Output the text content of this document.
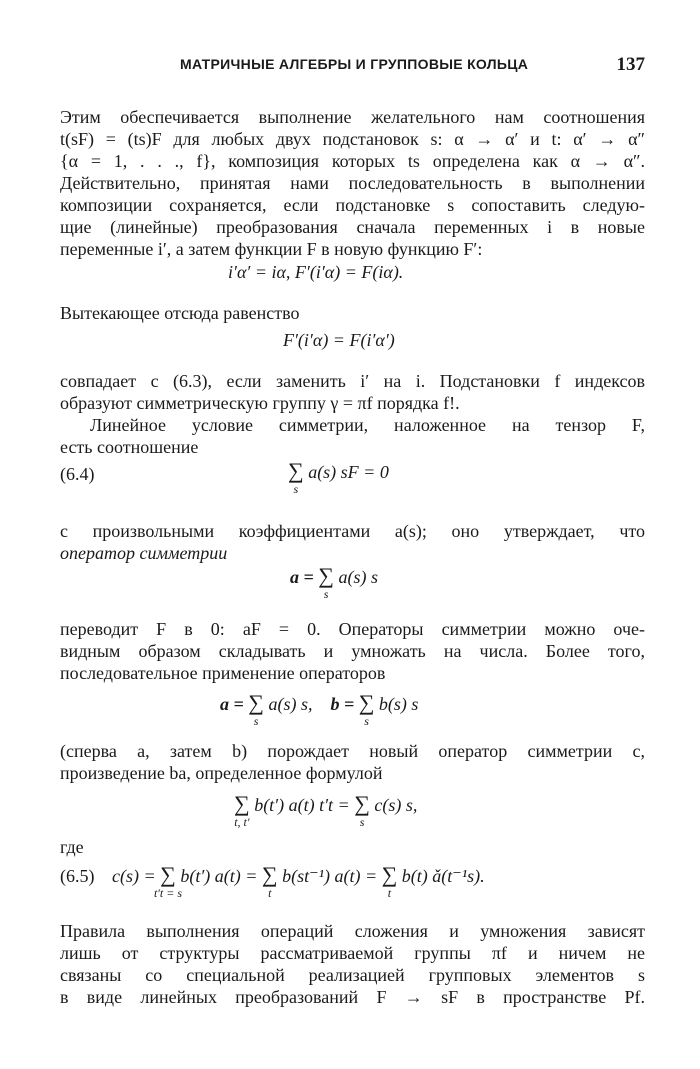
МАТРИЧНЫЕ АЛГЕБРЫ И ГРУППОВЫЕ КОЛЬЦА	137
Этим обеспечивается выполнение желательного нам соотношения
t(sF) = (ts)F для любых двух подстановок s: α → α′ и t: α′ → α″
{α = 1, . . ., f}, композиция которых ts определена как α → α″.
Действительно, принятая нами последовательность в выполнении
композиции сохраняется, если подстановке s сопоставить следую-
щие (линейные) преобразования сначала переменных i в новые
переменные i′, а затем функции F в новую функцию F′:
i′α′ = iα, F′(i′α) = F(iα).
Вытекающее отсюда равенство
F′(i′α) = F(i′α′)
совпадает с (6.3), если заменить i′ на i. Подстановки f индексов
образуют симметрическую группу γ = πf порядка f!.
Линейное условие симметрии, наложенное на тензор F,
есть соотношение
(6.4)	∑
s
a(s) sF = 0
с произвольными коэффициентами a(s); оно утверждает, что
оператор симметрии
a = ∑
s
a(s) s
переводит F в 0: aF = 0. Операторы симметрии можно оче-
видным образом складывать и умножать на числа. Более того,
последовательное применение операторов
a = ∑
s
a(s) s, b = ∑
s
b(s) s
(сперва a, затем b) порождает новый оператор симметрии c,
произведение ba, определенное формулой
∑
t, t′
b(t′) a(t) t′t = ∑
s
c(s) s,
где
(6.5) c(s) = ∑
t′t = s
b(t′) a(t) = ∑
t
b(st⁻¹) a(t) = ∑
t
b(t) ǎ(t⁻¹s).
Правила выполнения операций сложения и умножения зависят
лишь от структуры рассматриваемой группы πf и ничем не
связаны со специальной реализацией групповых элементов s
в виде линейных преобразований F → sF в пространстве Pf.
